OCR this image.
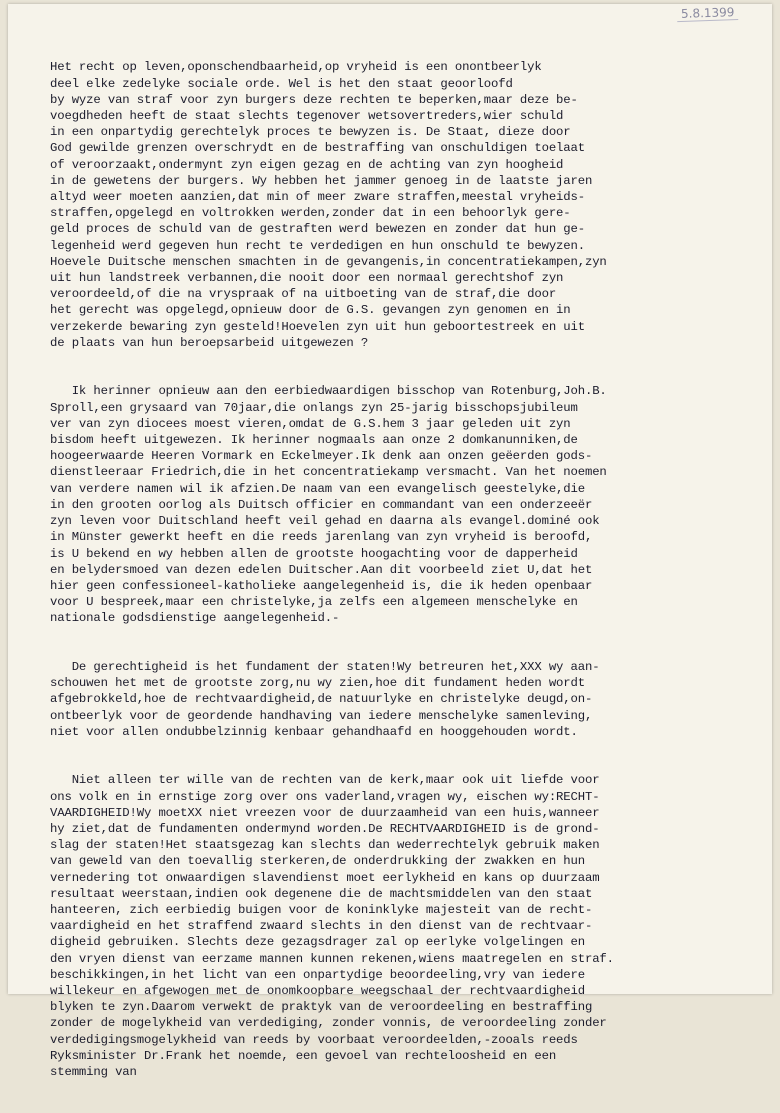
5.8.1399

Het recht op leven,oponschendbaarheid,op vryheid is een onontbeerlyk
deel elke zedelyke sociale orde. Wel is het den staat geoorloofd
by wyze van straf voor zyn burgers deze rechten te beperken,maar deze be-
voegdheden heeft de staat slechts tegenover wetsovertreders,wier schuld
in een onpartydig gerechtelyk proces te bewyzen is. De Staat, dieze door
God gewilde grenzen overschrydt en de bestraffing van onschuldigen toelaat
of veroorzaakt,ondermynt zyn eigen gezag en de achting van zyn hoogheid
in de gewetens der burgers. Wy hebben het jammer genoeg in de laatste jaren
altyd weer moeten aanzien,dat min of meer zware straffen,meestal vryheids-
straffen,opgelegd en voltrokken werden,zonder dat in een behoorlyk gere-
geld proces de schuld van de gestraften werd bewezen en zonder dat hun ge-
legenheid werd gegeven hun recht te verdedigen en hun onschuld te bewyzen.
Hoevele Duitsche menschen smachten in de gevangenis,in concentratiekampen,zyn
uit hun landstreek verbannen,die nooit door een normaal gerechtshof zyn
veroordeeld,of die na vryspraak of na uitboeting van de straf,die door
het gerecht was opgelegd,opnieuw door de G.S. gevangen zyn genomen en in
verzekerde bewaring zyn gesteld!Hoevelen zyn uit hun geboortestreek en uit
de plaats van hun beroepsarbeid uitgewezen ?

Ik herinner opnieuw aan den eerbiedwaardigen bisschop van Rotenburg,Joh.B.
Sproll,een grysaard van 70jaar,die onlangs zyn 25-jarig bisschopsjubileum
ver van zyn diocees moest vieren,omdat de G.S.hem 3 jaar geleden uit zyn
bisdom heeft uitgewezen. Ik herinner nogmaals aan onze 2 domkanunniken,de
hoogeerwaarde Heeren Vormark en Eckelmeyer.Ik denk aan onzen geëerden gods-
dienstleeraar Friedrich,die in het concentratiekamp versmacht. Van het noemen
van verdere namen wil ik afzien.De naam van een evangelisch geestelyke,die
in den grooten oorlog als Duitsch officier en commandant van een onderzeeër
zyn leven voor Duitschland heeft veil gehad en daarna als evangel.dominé ook
in Münster gewerkt heeft en die reeds jarenlang van zyn vryheid is beroofd,
is U bekend en wy hebben allen de grootste hoogachting voor de dapperheid
en belydersmoed van dezen edelen Duitscher.Aan dit voorbeeld ziet U,dat het
hier geen confessioneel-katholieke aangelegenheid is, die ik heden openbaar
voor U bespreek,maar een christelyke,ja zelfs een algemeen menschelyke en
nationale godsdienstige aangelegenheid.-

De gerechtigheid is het fundament der staten!Wy betreuren het,XXX wy aan-
schouwen het met de grootste zorg,nu wy zien,hoe dit fundament heden wordt
afgebrokkeld,hoe de rechtvaardigheid,de natuurlyke en christelyke deugd,on-
ontbeerlyk voor de geordende handhaving van iedere menschelyke samenleving,
niet voor allen ondubbelzinnig kenbaar gehandhaafd en hooggehouden wordt.

Niet alleen ter wille van de rechten van de kerk,maar ook uit liefde voor
ons volk en in ernstige zorg over ons vaderland,vragen wy, eischen wy:RECHT-
VAARDIGHEID!Wy moetXX niet vreezen voor de duurzaamheid van een huis,wanneer
hy ziet,dat de fundamenten ondermynd worden.De RECHTVAARDIGHEID is de grond-
slag der staten!Het staatsgezag kan slechts dan wederrechtelyk gebruik maken
van geweld van den toevallig sterkeren,de onderdrukking der zwakken en hun
vernedering tot onwaardigen slavendienst moet eerlykheid en kans op duurzaam
resultaat weerstaan,indien ook degenene die de machtsmiddelen van den staat
hanteeren, zich eerbiedig buigen voor de koninklyke majesteit van de recht-
vaardigheid en het straffend zwaard slechts in den dienst van de rechtvaar-
digheid gebruiken. Slechts deze gezagsdrager zal op eerlyke volgelingen en
den vryen dienst van eerzame mannen kunnen rekenen,wiens maatregelen en straf.
beschikkingen,in het licht van een onpartydige beoordeeling,vry van iedere
willekeur en afgewogen met de onomkoopbare weegschaal der rechtvaardigheid
blyken te zyn.Daarom verwekt de praktyk van de veroordeeling en bestraffing
zonder de mogelykheid van verdediging, zonder vonnis, de veroordeeling zonder
verdedigingsmogelykheid van reeds by voorbaat veroordeelden,-zooals reeds
Ryksminister Dr.Frank het noemde, een gevoel van rechteloosheid en een
stemming van
